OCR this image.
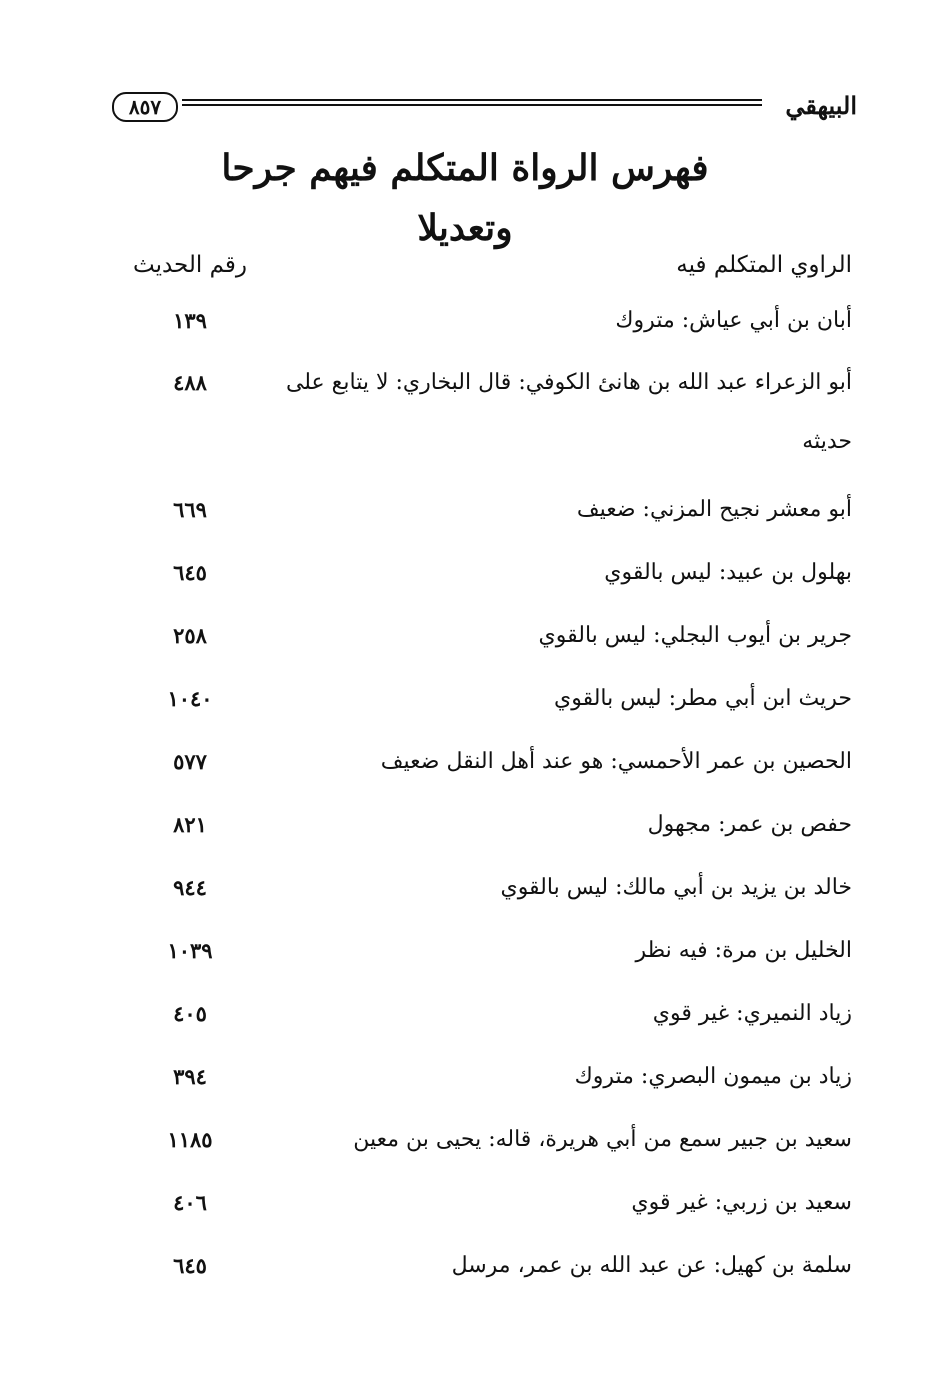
٨٥٧	البيهقي
فهرس الرواة المتكلم فيهم جرحا وتعديلا
الراوي المتكلم فيه
رقم الحديث
أبان بن أبي عياش: متروك
١٣٩
أبو الزعراء عبد الله بن هانئ الكوفي: قال البخاري: لا يتابع على
٤٨٨
حديثه
أبو معشر نجيح المزني: ضعيف
٦٦٩
بهلول بن عبيد: ليس بالقوي
٦٤٥
جرير بن أيوب البجلي: ليس بالقوي
٢٥٨
حريث ابن أبي مطر: ليس بالقوي
١٠٤٠
الحصين بن عمر الأحمسي: هو عند أهل النقل ضعيف
٥٧٧
حفص بن عمر: مجهول
٨٢١
خالد بن يزيد بن أبي مالك: ليس بالقوي
٩٤٤
الخليل بن مرة: فيه نظر
١٠٣٩
زياد النميري: غير قوي
٤٠٥
زياد بن ميمون البصري: متروك
٣٩٤
سعيد بن جبير سمع من أبي هريرة، قاله: يحيى بن معين
١١٨٥
سعيد بن زربي: غير قوي
٤٠٦
سلمة بن كهيل: عن عبد الله بن عمر، مرسل
٦٤٥
